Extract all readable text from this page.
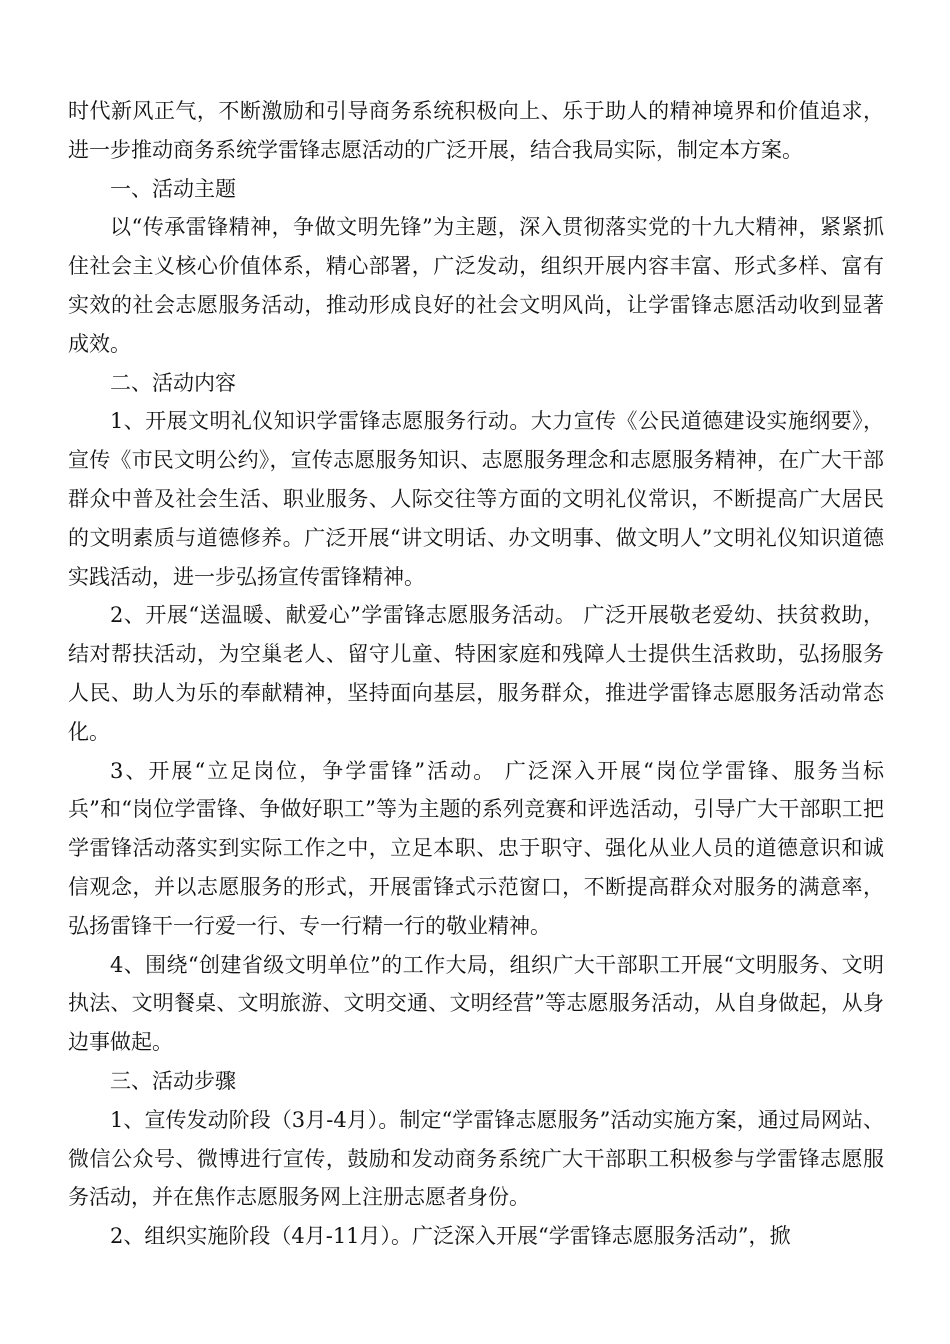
时代新风正气，不断激励和引导商务系统积极向上、乐于助人的精神境界和价值追求，进一步推动商务系统学雷锋志愿活动的广泛开展，结合我局实际，制定本方案。

一、活动主题

以“传承雷锋精神，争做文明先锋”为主题，深入贯彻落实党的十九大精神，紧紧抓住社会主义核心价值体系，精心部署，广泛发动，组织开展内容丰富、形式多样、富有实效的社会志愿服务活动，推动形成良好的社会文明风尚，让学雷锋志愿活动收到显著成效。

二、活动内容

1、开展文明礼仪知识学雷锋志愿服务行动。大力宣传《公民道德建设实施纲要》，宣传《市民文明公约》，宣传志愿服务知识、志愿服务理念和志愿服务精神，在广大干部群众中普及社会生活、职业服务、人际交往等方面的文明礼仪常识，不断提高广大居民的文明素质与道德修养。广泛开展“讲文明话、办文明事、做文明人”文明礼仪知识道德实践活动，进一步弘扬宣传雷锋精神。

2、开展“送温暖、献爱心”学雷锋志愿服务活动。 广泛开展敬老爱幼、扶贫救助，结对帮扶活动，为空巢老人、留守儿童、特困家庭和残障人士提供生活救助，弘扬服务人民、助人为乐的奉献精神，坚持面向基层，服务群众，推进学雷锋志愿服务活动常态化。

3、开展“立足岗位，争学雷锋”活动。 广泛深入开展“岗位学雷锋、服务当标兵”和“岗位学雷锋、争做好职工”等为主题的系列竞赛和评选活动，引导广大干部职工把学雷锋活动落实到实际工作之中，立足本职、忠于职守、强化从业人员的道德意识和诚信观念，并以志愿服务的形式，开展雷锋式示范窗口，不断提高群众对服务的满意率，弘扬雷锋干一行爱一行、专一行精一行的敬业精神。

4、围绕“创建省级文明单位”的工作大局，组织广大干部职工开展“文明服务、文明执法、文明餐桌、文明旅游、文明交通、文明经营”等志愿服务活动，从自身做起，从身边事做起。

三、活动步骤

1、宣传发动阶段（3月-4月）。制定“学雷锋志愿服务”活动实施方案，通过局网站、微信公众号、微博进行宣传，鼓励和发动商务系统广大干部职工积极参与学雷锋志愿服务活动，并在焦作志愿服务网上注册志愿者身份。

2、组织实施阶段（4月-11月）。广泛深入开展“学雷锋志愿服务活动”，掀
